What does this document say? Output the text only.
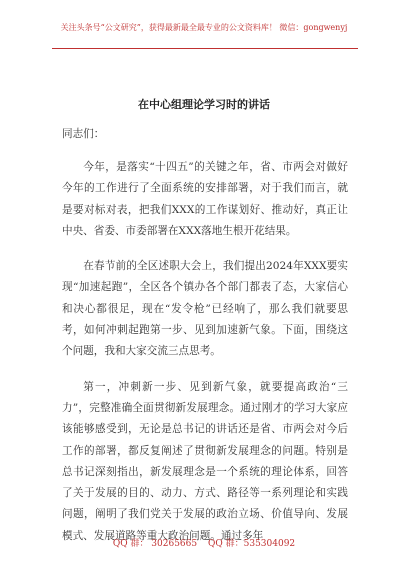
关注头条号“公文研究”，获得最新最全最专业的公文资料库！ 微信：gongwenyj
在中心组理论学习时的讲话

同志们：

今年，是落实“十四五”的关键之年，省、市两会对做好今年的工作进行了全面系统的安排部署，对于我们而言，就是要对标对表，把我们XXX的工作谋划好、推动好，真正让中央、省委、市委部署在XXX落地生根开花结果。

在春节前的全区述职大会上，我们提出2024年XXX要实现“加速起跑”，全区各个镇办各个部门都表了态，大家信心和决心都很足，现在“发令枪”已经响了，那么我们就要思考，如何冲刺起跑第一步、见到加速新气象。下面，围绕这个问题，我和大家交流三点思考。

第一，冲刺新一步、见到新气象，就要提高政治“三力”，完整准确全面贯彻新发展理念。通过刚才的学习大家应该能够感受到，无论是总书记的讲话还是省、市两会对今后工作的部署，都反复阐述了贯彻新发展理念的问题。特别是总书记深刻指出，新发展理念是一个系统的理论体系，回答了关于发展的目的、动力、方式、路径等一系列理论和实践问题，阐明了我们党关于发展的政治立场、价值导向、发展模式、发展道路等重大政治问题。通过多年

QQ 群： 30265665 QQ 群：535304092
